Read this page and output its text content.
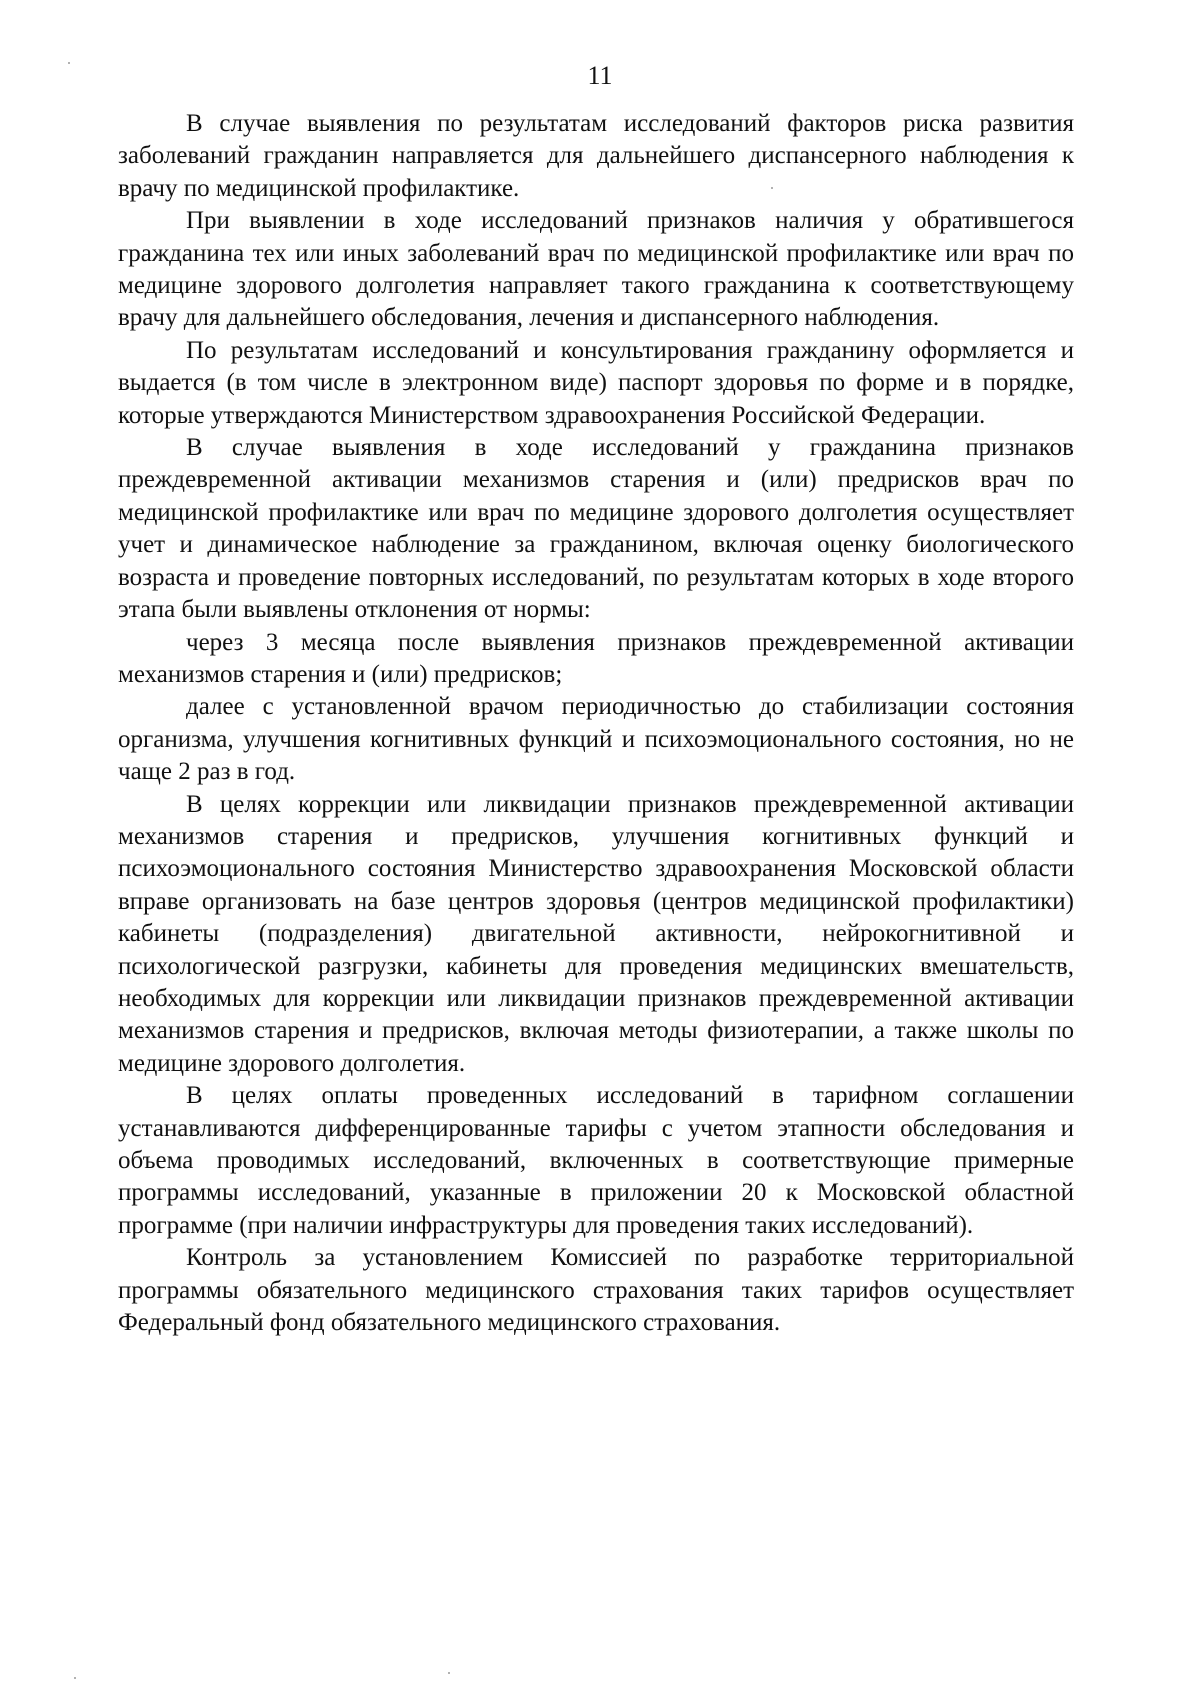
11

В случае выявления по результатам исследований факторов риска развития заболеваний гражданин направляется для дальнейшего диспансерного наблюдения к врачу по медицинской профилактике.

При выявлении в ходе исследований признаков наличия у обратившегося гражданина тех или иных заболеваний врач по медицинской профилактике или врач по медицине здорового долголетия направляет такого гражданина к соответствующему врачу для дальнейшего обследования, лечения и диспансерного наблюдения.

По результатам исследований и консультирования гражданину оформляется и выдается (в том числе в электронном виде) паспорт здоровья по форме и в порядке, которые утверждаются Министерством здравоохранения Российской Федерации.

В случае выявления в ходе исследований у гражданина признаков преждевременной активации механизмов старения и (или) предрисков врач по медицинской профилактике или врач по медицине здорового долголетия осуществляет учет и динамическое наблюдение за гражданином, включая оценку биологического возраста и проведение повторных исследований, по результатам которых в ходе второго этапа были выявлены отклонения от нормы:

через 3 месяца после выявления признаков преждевременной активации механизмов старения и (или) предрисков;

далее с установленной врачом периодичностью до стабилизации состояния организма, улучшения когнитивных функций и психоэмоционального состояния, но не чаще 2 раз в год.

В целях коррекции или ликвидации признаков преждевременной активации механизмов старения и предрисков, улучшения когнитивных функций и психоэмоционального состояния Министерство здравоохранения Московской области вправе организовать на базе центров здоровья (центров медицинской профилактики) кабинеты (подразделения) двигательной активности, нейрокогнитивной и психологической разгрузки, кабинеты для проведения медицинских вмешательств, необходимых для коррекции или ликвидации признаков преждевременной активации механизмов старения и предрисков, включая методы физиотерапии, а также школы по медицине здорового долголетия.

В целях оплаты проведенных исследований в тарифном соглашении устанавливаются дифференцированные тарифы с учетом этапности обследования и объема проводимых исследований, включенных в соответствующие примерные программы исследований, указанные в приложении 20 к Московской областной программе (при наличии инфраструктуры для проведения таких исследований).

Контроль за установлением Комиссией по разработке территориальной программы обязательного медицинского страхования таких тарифов осуществляет Федеральный фонд обязательного медицинского страхования.
